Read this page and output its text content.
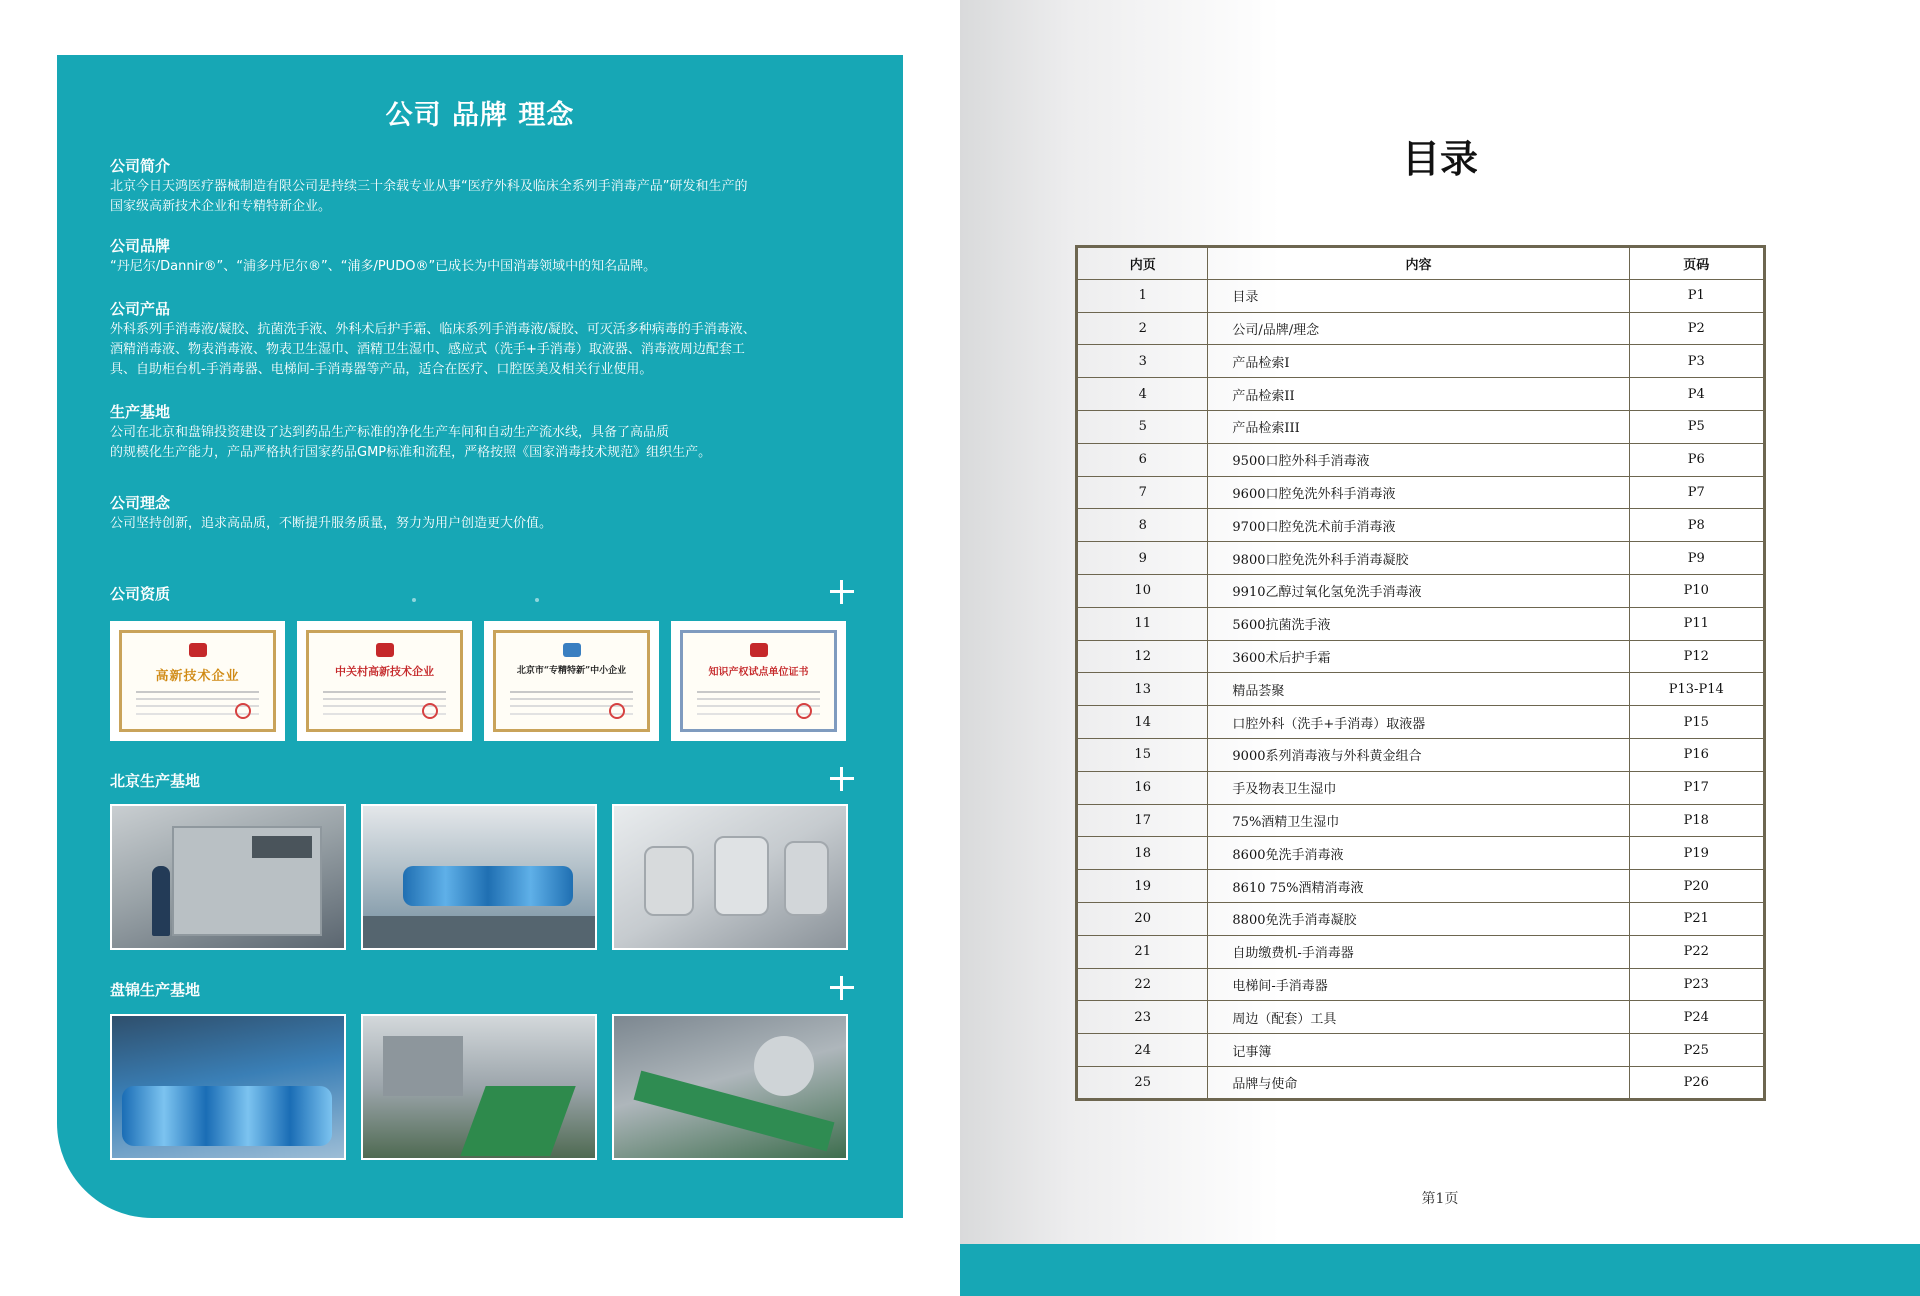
公司 品牌 理念
公司简介
北京今日天鸿医疗器械制造有限公司是持续三十余载专业从事“医疗外科及临床全系列手消毒产品”研发和生产的
国家级高新技术企业和专精特新企业。
公司品牌
“丹尼尔/Dannir®”、“浦多丹尼尔®”、“浦多/PUDO®”已成长为中国消毒领域中的知名品牌。
公司产品
外科系列手消毒液/凝胶、抗菌洗手液、外科术后护手霜、临床系列手消毒液/凝胶、可灭活多种病毒的手消毒液、
酒精消毒液、物表消毒液、物表卫生湿巾、酒精卫生湿巾、感应式（洗手+手消毒）取液器、消毒液周边配套工
具、自助柜台机-手消毒器、电梯间-手消毒器等产品，适合在医疗、口腔医美及相关行业使用。
生产基地
公司在北京和盘锦投资建设了达到药品生产标准的净化生产车间和自动生产流水线，具备了高品质
的规模化生产能力，产品严格执行国家药品GMP标准和流程，严格按照《国家消毒技术规范》组织生产。
公司理念
公司坚持创新，追求高品质，不断提升服务质量，努力为用户创造更大价值。
公司资质
高新技术企业	中关村高新技术企业	北京市“专精特新”中小企业	知识产权试点单位证书
北京生产基地
盘锦生产基地
目录
内页	内容	页码
1	目录	P1
2	公司/品牌/理念	P2
3	产品检索I	P3
4	产品检索II	P4
5	产品检索III	P5
6	9500口腔外科手消毒液	P6
7	9600口腔免洗外科手消毒液	P7
8	9700口腔免洗术前手消毒液	P8
9	9800口腔免洗外科手消毒凝胶	P9
10	9910乙醇过氧化氢免洗手消毒液	P10
11	5600抗菌洗手液	P11
12	3600术后护手霜	P12
13	精品荟聚	P13-P14
14	口腔外科（洗手+手消毒）取液器	P15
15	9000系列消毒液与外科黄金组合	P16
16	手及物表卫生湿巾	P17
17	75%酒精卫生湿巾	P18
18	8600免洗手消毒液	P19
19	8610 75%酒精消毒液	P20
20	8800免洗手消毒凝胶	P21
21	自助缴费机-手消毒器	P22
22	电梯间-手消毒器	P23
23	周边（配套）工具	P24
24	记事簿	P25
25	品牌与使命	P26
第1页
